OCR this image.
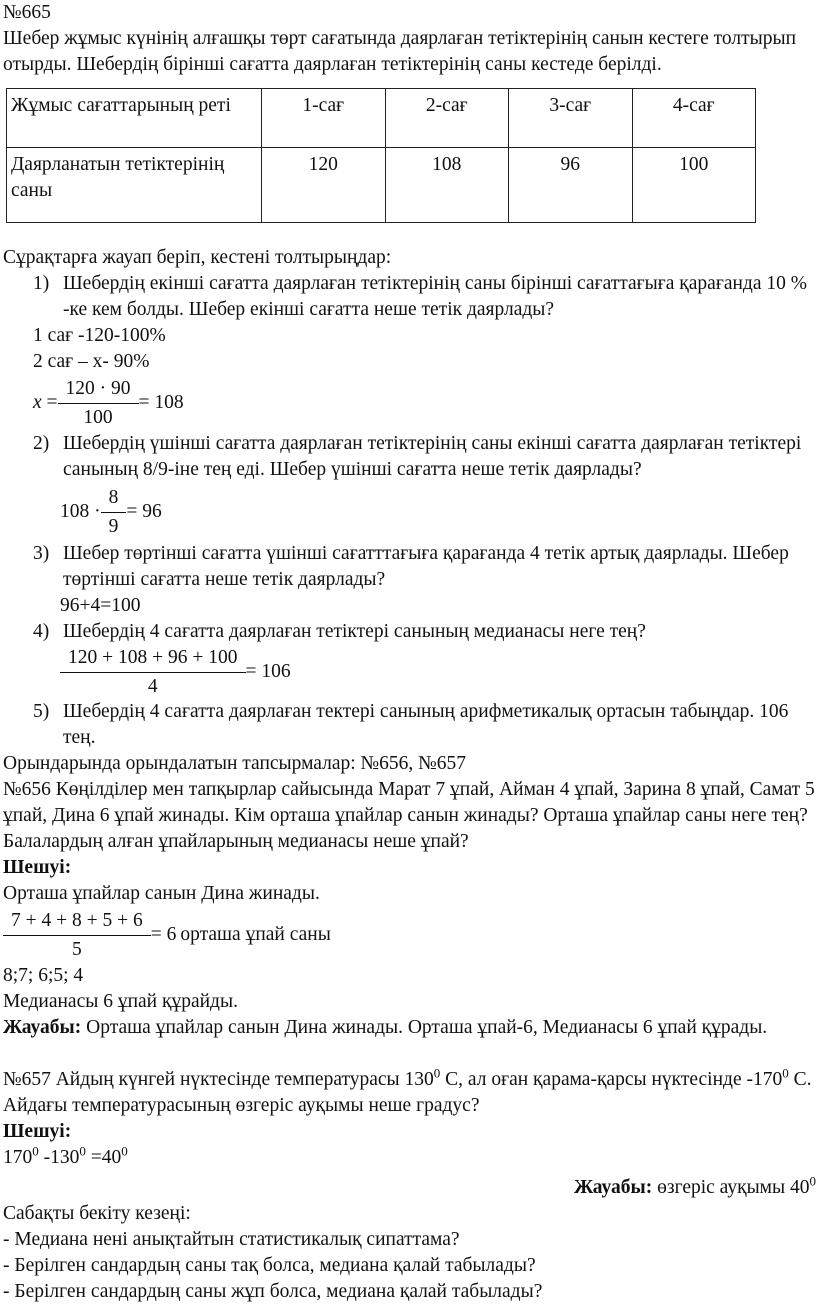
№665

Шебер жұмыс күнінің алғашқы төрт сағатында даярлаған тетіктерінің санын кестеге толтырып отырды. Шебердің бірінші сағатта даярлаған тетіктерінің саны кестеде берілді.

Жұмыс сағаттарының реті	1-сағ	2-сағ	3-сағ	4-сағ
Даярланатын тетіктерінің саны	120	108	96	100

Сұрақтарға жауап беріп, кестені толтырыңдар:

1) Шебердің екінші сағатта даярлаған тетіктерінің саны бірінші сағаттағыға қарағанда 10 % -ке кем болды. Шебер екінші сағатта неше тетік даярлады?

1 сағ -120-100%

2 сағ – х- 90%

$x = \frac{120 \cdot 90}{100} = 108$
2) Шебердің үшінші сағатта даярлаған тетіктерінің саны екінші сағатта даярлаған тетіктері санының 8/9-іне тең еді. Шебер үшінші сағатта неше тетік даярлады?
$108 \cdot \frac{8}{9} = 96$
3) Шебер төртінші сағатта үшінші сағатттағыға қарағанда 4 тетік артық даярлады. Шебер төртінші сағатта неше тетік даярлады?

96+4=100

4) Шебердің 4 сағатта даярлаған тетіктері санының медианасы неге тең?
$\frac{120 + 108 + 96 + 100}{4} = 106$
5) Шебердің 4 сағатта даярлаған тектері санының арифметикалық ортасын табыңдар. 106 тең.

Орындарында орындалатын тапсырмалар: №656, №657

№656 Көңілділер мен тапқырлар сайысында Марат 7 ұпай, Айман 4 ұпай, Зарина 8 ұпай, Самат 5 ұпай, Дина 6 ұпай жинады. Кім орташа ұпайлар санын жинады? Орташа ұпайлар саны неге тең? Балалардың алған ұпайларының медианасы неше ұпай?

Шешуі:

Орташа ұпайлар санын Дина жинады.

$\frac{7 + 4 + 8 + 5 + 6}{5} = 6$ орташа ұпай саны

8;7; 6;5; 4

Медианасы 6 ұпай құрайды.

Жауабы: Орташа ұпайлар санын Дина жинады. Орташа ұпай-6, Медианасы 6 ұпай құрады.

№657 Айдың күнгей нүктесінде температурасы $130^0$ С, ал оған қарама-қарсы нүктесінде $-170^0$ С. Айдағы температурасының өзгеріс ауқымы неше градус?

Шешуі:

$170^0$ $-130^0 =40^0$

Жауабы: өзгеріс ауқымы $40^0$

Сабақты бекіту кезеңі:

- Медиана нені анықтайтын статистикалық сипаттама?

- Берілген сандардың саны тақ болса, медиана қалай табылады?

- Берілген сандардың саны жұп болса, медиана қалай табылады?
